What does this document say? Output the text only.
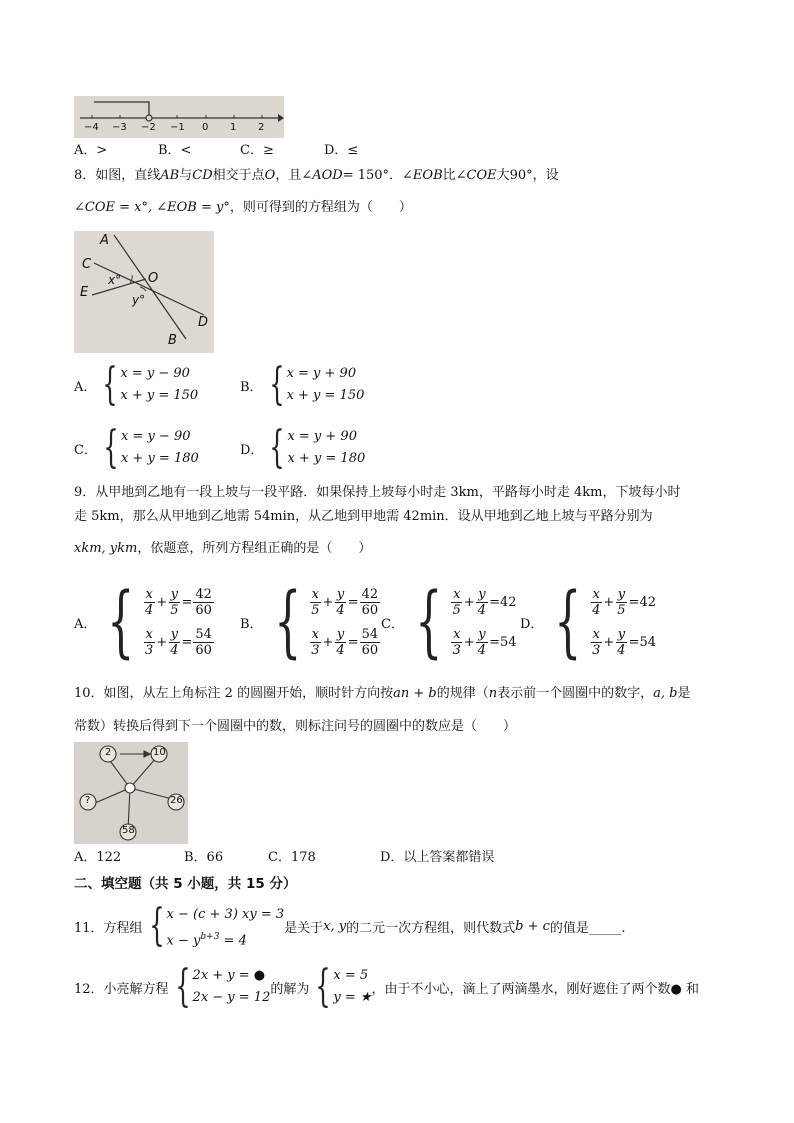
−4 −3 −2 −1 0 1 2
A．>	B．<	C．≥	D．≤
8．如图，直线AB与CD相交于点O，且∠AOD= 150°．∠EOB比∠COE大90°，设
∠COE = x°, ∠EOB = y°，则可得到的方程组为（　　）
A
C
O
E
x°
y°
D
B
A． { x = y − 90
x + y = 150
B． { x = y + 90
x + y = 150
C． { x = y − 90
x + y = 180
D． { x = y + 90
x + y = 180
9．从甲地到乙地有一段上坡与一段平路．如果保持上坡每小时走 3km，平路每小时走 4km，下坡每小时
走 5km，那么从甲地到乙地需 54min，从乙地到甲地需 42min．设从甲地到乙地上坡与平路分别为
xkm, ykm，依题意，所列方程组正确的是（　　）
A． { $\frac{x}{4} + \frac{y}{5} = \frac{42}{60}$
$\frac{x}{3} + \frac{y}{4} = \frac{54}{60}$
B． { $\frac{x}{5} + \frac{y}{4} = \frac{42}{60}$
$\frac{x}{3} + \frac{y}{4} = \frac{54}{60}$
C． { $\frac{x}{5} + \frac{y}{4} = 42$
$\frac{x}{3} + \frac{y}{4} = 54$
D． { $\frac{x}{4} + \frac{y}{5} = 42$
$\frac{x}{3} + \frac{y}{4} = 54$
10．如图，从左上角标注 2 的圆圈开始，顺时针方向按an + b的规律（n表示前一个圆圈中的数字，a, b是
常数）转换后得到下一个圆圈中的数，则标注问号的圆圈中的数应是（　　）
2	10
26
58
?
A．122	B．66	C．178	D．以上答案都错误
二、填空题（共 5 小题，共 15 分）
11．方程组 { x − (c + 3) xy = 3
$x - y^{b+3} = 4$
是关于 x, y 的二元一次方程组，则代数式 b + c 的值是_____.
12．小亮解方程 { 2x + y = ●
2x − y = 12
的解为 { x = 5
y = ★
，由于不小心，滴上了两滴墨水，刚好遮住了两个数● 和
